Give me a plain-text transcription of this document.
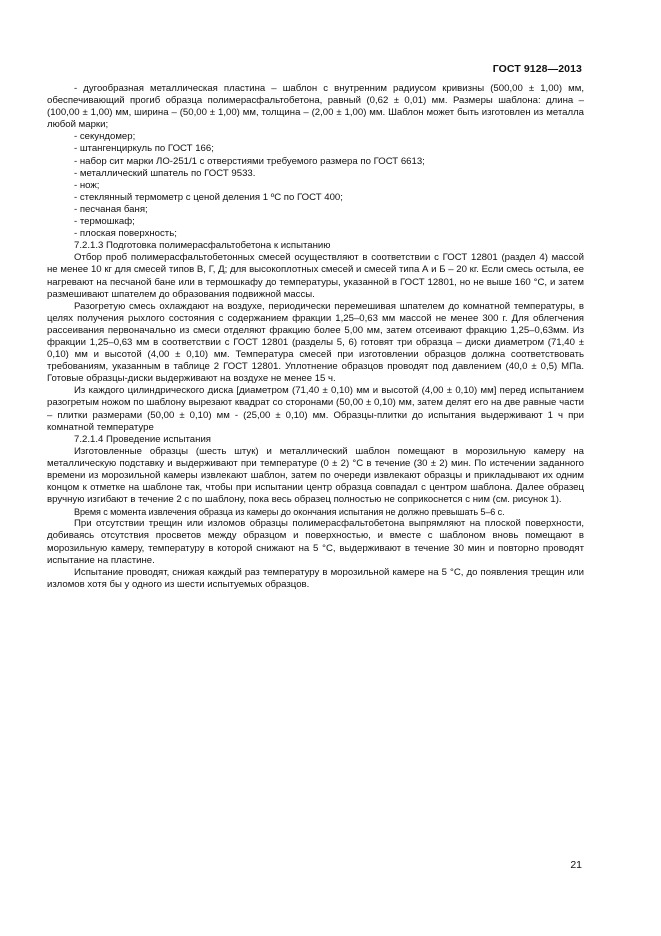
ГОСТ 9128—2013

- дугообразная металлическая пластина – шаблон с внутренним радиусом кривизны (500,00 ± 1,00) мм, обеспечивающий прогиб образца полимерасфальтобетона, равный (0,62 ± 0,01) мм. Размеры шаблона: длина – (100,00 ± 1,00) мм, ширина – (50,00 ± 1,00) мм, толщина – (2,00 ± 1,00) мм. Шаблон может быть изготовлен из металла любой марки;

- секундомер;
- штангенциркуль по ГОСТ 166;
- набор сит марки ЛО-251/1 с отверстиями требуемого размера по ГОСТ 6613;
- металлический шпатель по ГОСТ 9533.
- нож;
- стеклянный термометр с ценой деления 1 ºС по ГОСТ 400;
- песчаная баня;
- термошкаф;
- плоская поверхность;

7.2.1.3 Подготовка полимерасфальтобетона к испытанию

Отбор проб полимерасфальтобетонных смесей осуществляют в соответствии с ГОСТ 12801 (раздел 4) массой не менее 10 кг для смесей типов В, Г, Д; для высокоплотных смесей и смесей типа А и Б – 20 кг. Если смесь остыла, ее нагревают на песчаной бане или в термошкафу до температуры, указанной в ГОСТ 12801, но не выше 160 °С, и затем размешивают шпателем до образования подвижной массы.

Разогретую смесь охлаждают на воздухе, периодически перемешивая шпателем до комнатной температуры, в целях получения рыхлого состояния с содержанием фракции 1,25–0,63 мм массой не менее 300 г. Для облегчения рассеивания первоначально из смеси отделяют фракцию более 5,00 мм, затем отсеивают фракцию 1,25–0,63мм. Из фракции 1,25–0,63 мм в соответствии с ГОСТ 12801 (разделы 5, 6) готовят три образца – диски диаметром (71,40 ± 0,10) мм и высотой (4,00 ± 0,10) мм. Температура смесей при изготовлении образцов должна соответствовать требованиям, указанным в таблице 2 ГОСТ 12801. Уплотнение образцов проводят под давлением (40,0 ± 0,5) МПа. Готовые образцы-диски выдерживают на воздухе не менее 15 ч.

Из каждого цилиндрического диска [диаметром (71,40 ± 0,10) мм и высотой (4,00 ± 0,10) мм] перед испытанием разогретым ножом по шаблону вырезают квадрат со сторонами (50,00 ± 0,10) мм, затем делят его на две равные части – плитки размерами (50,00 ± 0,10) мм - (25,00 ± 0,10) мм. Образцы-плитки до испытания выдерживают 1 ч при комнатной температуре

7.2.1.4 Проведение испытания

Изготовленные образцы (шесть штук) и металлический шаблон помещают в морозильную камеру на металлическую подставку и выдерживают при температуре (0 ± 2) °С в течение (30 ± 2) мин. По истечении заданного времени из морозильной камеры извлекают шаблон, затем по очереди извлекают образцы и прикладывают их одним концом к отметке на шаблоне так, чтобы при испытании центр образца совпадал с центром шаблона. Далее образец вручную изгибают в течение 2 с по шаблону, пока весь образец полностью не соприкоснется с ним (см. рисунок 1).

Время с момента извлечения образца из камеры до окончания испытания не должно превышать 5–6 с.

При отсутствии трещин или изломов образцы полимерасфальтобетона выпрямляют на плоской поверхности, добиваясь отсутствия просветов между образцом и поверхностью, и вместе с шаблоном вновь помещают в морозильную камеру, температуру в которой снижают на 5 °С, выдерживают в течение 30 мин и повторно проводят испытание на пластине.

Испытание проводят, снижая каждый раз температуру в морозильной камере на 5 °С, до появления трещин или изломов хотя бы у одного из шести испытуемых образцов.

21
